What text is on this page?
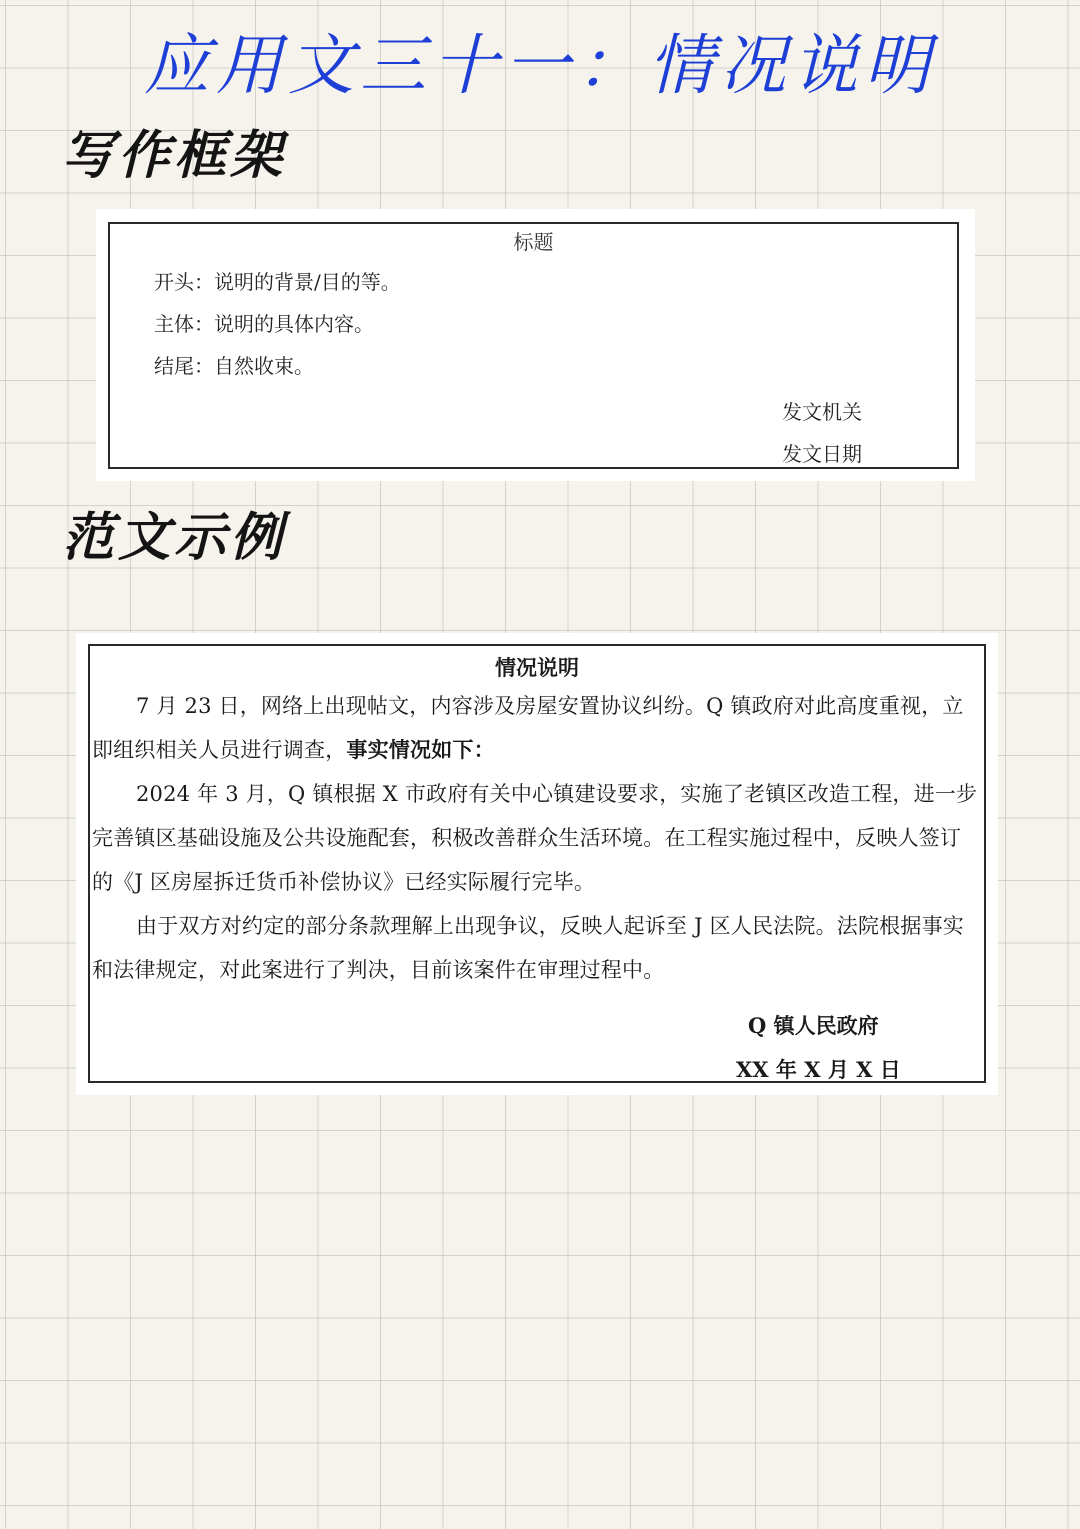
应用文三十一：情况说明
写作框架
标题
开头：说明的背景/目的等。
主体：说明的具体内容。
结尾：自然收束。
发文机关
发文日期
范文示例
情况说明
7 月 23 日，网络上出现帖文，内容涉及房屋安置协议纠纷。Q 镇政府对此高度重视，立即组织相关人员进行调查，事实情况如下：
2024 年 3 月，Q 镇根据 X 市政府有关中心镇建设要求，实施了老镇区改造工程，进一步完善镇区基础设施及公共设施配套，积极改善群众生活环境。在工程实施过程中，反映人签订的《J 区房屋拆迁货币补偿协议》已经实际履行完毕。
由于双方对约定的部分条款理解上出现争议，反映人起诉至 J 区人民法院。法院根据事实和法律规定，对此案进行了判决，目前该案件在审理过程中。
Q 镇人民政府
XX 年 X 月 X 日
